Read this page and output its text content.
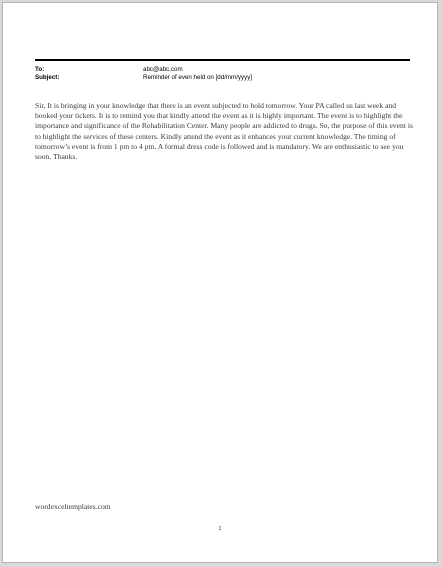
To:	abc@abc.com
Subject:	Reminder of even held on [dd/mm/yyyy]

Sir, It is bringing in your knowledge that there is an event subjected to hold tomorrow. Your PA called us last week and booked your tickets. It is to remind you that kindly attend the event as it is highly important. The event is to highlight the importance and significance of the Rehabilitation Center. Many people are addicted to drugs. So, the purpose of this event is to highlight the services of these centers. Kindly attend the event as it enhances your current knowledge. The timing of tomorrow’s event is from 1 pm to 4 pm. A formal dress code is followed and is mandatory. We are enthusiastic to see you soon. Thanks.

wordexceltemplates.com
1
